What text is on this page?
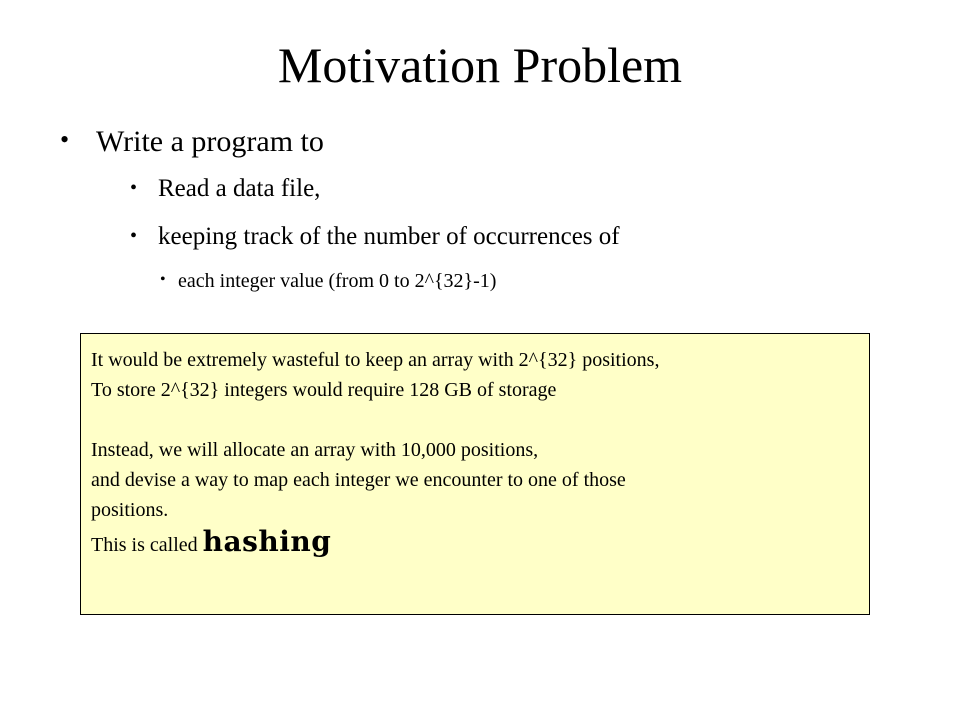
Motivation Problem
• Write a program to
• Read a data file,
• keeping track of the number of occurrences of
• each integer value (from 0 to 2^{32}-1)
It would be extremely wasteful to keep an array with 2^{32} positions,
To store 2^{32} integers would require 128 GB of storage
Instead, we will allocate an array with 10,000 positions,
and devise a way to map each integer we encounter to one of those
positions.
This is called hashing
